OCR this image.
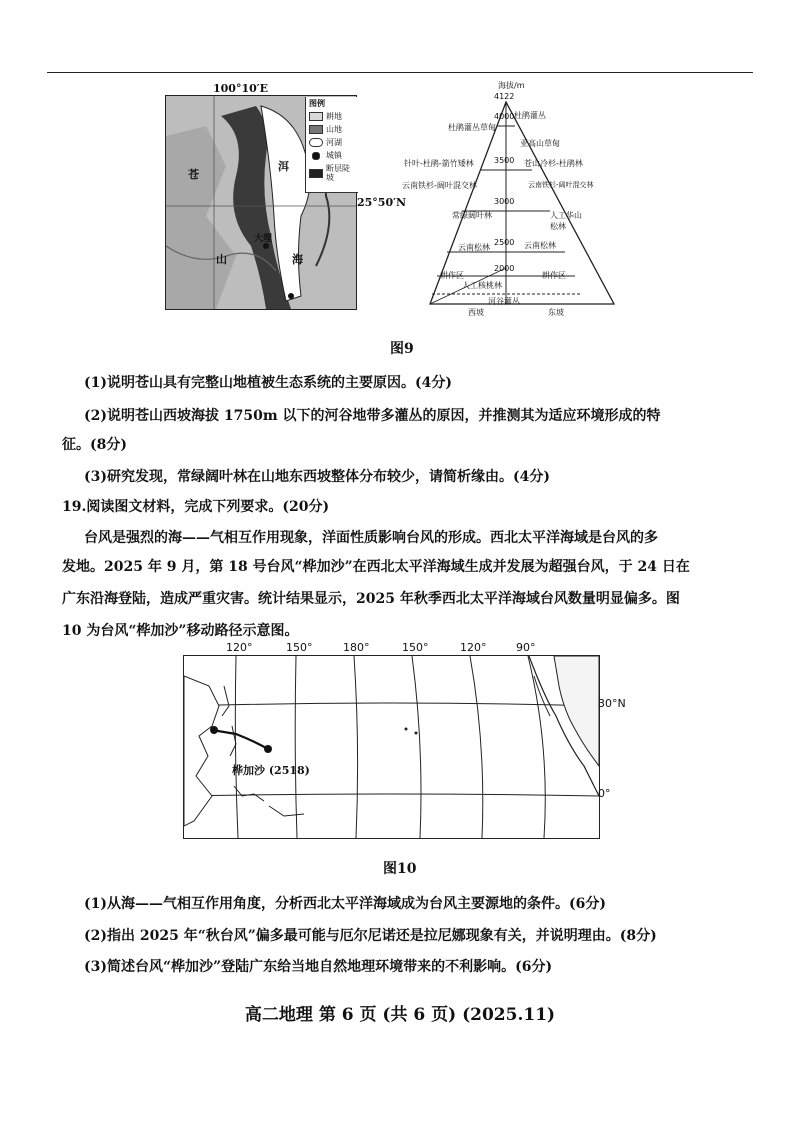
100°10′E
苍
山
洱
海
大理
25°50′N
图例
耕地
山地
河湖
城镇
断层陡坡
海拔/m
4122
4000
3500
3000
2500
2000
杜鹃灌丛草甸
针叶-杜鹃-箭竹矮林
云南铁杉-阔叶混交林
常绿阔叶林
云南松林
耕作区
人工核桃林
河谷灌丛
杜鹃灌丛
亚高山草甸
苍山冷杉-杜鹃林
云南铁杉-阔叶混交林
人工华山松林
云南松林
耕作区
西坡	东坡
图9
(1)说明苍山具有完整山地植被生态系统的主要原因。(4分)
(2)说明苍山西坡海拔 1750m 以下的河谷地带多灌丛的原因，并推测其为适应环境形成的特
征。(8分)
(3)研究发现，常绿阔叶林在山地东西坡整体分布较少，请简析缘由。(4分)
19.阅读图文材料，完成下列要求。(20分)
台风是强烈的海——气相互作用现象，洋面性质影响台风的形成。西北太平洋海域是台风的多
发地。2025 年 9 月，第 18 号台风“桦加沙”在西北太平洋海域生成并发展为超强台风，于 24 日在
广东沿海登陆，造成严重灾害。统计结果显示，2025 年秋季西北太平洋海域台风数量明显偏多。图
10 为台风“桦加沙”移动路径示意图。
120°	150°	180°	150°	120°	90°
桦加沙 (2518)
30°N
0°
图10
(1)从海——气相互作用角度，分析西北太平洋海域成为台风主要源地的条件。(6分)
(2)指出 2025 年“秋台风”偏多最可能与厄尔尼诺还是拉尼娜现象有关，并说明理由。(8分)
(3)简述台风“桦加沙”登陆广东给当地自然地理环境带来的不利影响。(6分)
高二地理 第 6 页 (共 6 页) (2025.11)
